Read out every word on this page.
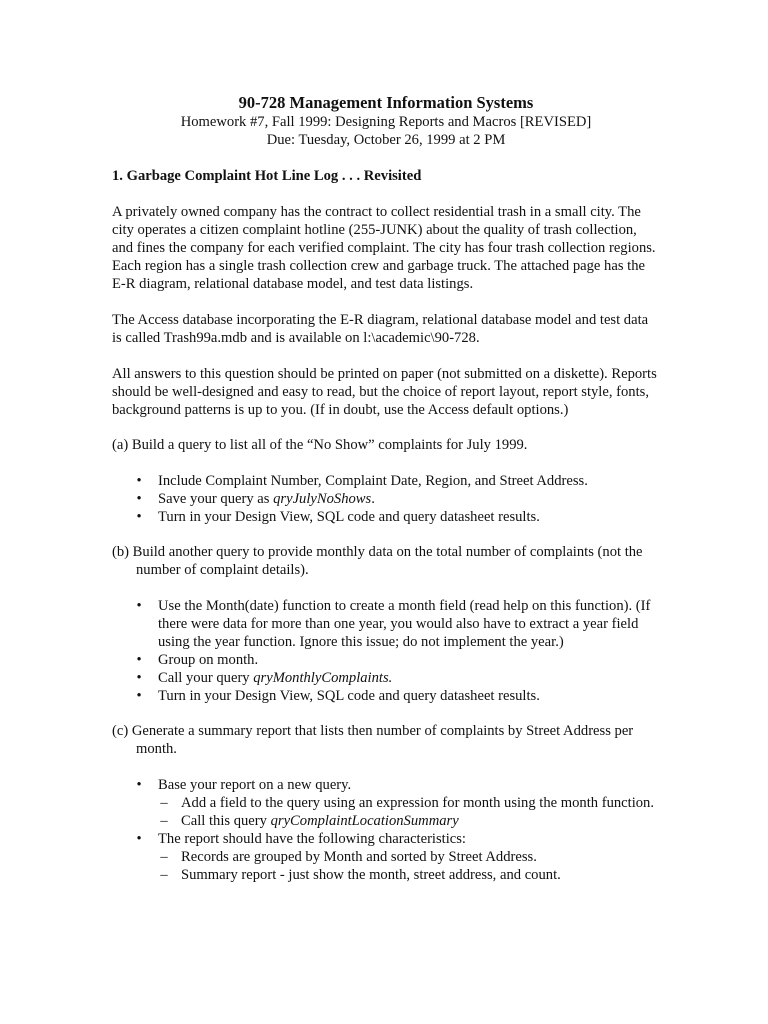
90-728 Management Information Systems
Homework #7, Fall 1999: Designing Reports and Macros [REVISED]
Due: Tuesday, October 26, 1999 at 2 PM
1. Garbage Complaint Hot Line Log . . . Revisited

A privately owned company has the contract to collect residential trash in a small city. The city operates a citizen complaint hotline (255-JUNK) about the quality of trash collection, and fines the company for each verified complaint. The city has four trash collection regions. Each region has a single trash collection crew and garbage truck. The attached page has the E-R diagram, relational database model, and test data listings.

The Access database incorporating the E-R diagram, relational database model and test data is called Trash99a.mdb and is available on l:\academic\90-728.

All answers to this question should be printed on paper (not submitted on a diskette). Reports should be well-designed and easy to read, but the choice of report layout, report style, fonts, background patterns is up to you. (If in doubt, use the Access default options.)

(a) Build a query to list all of the “No Show” complaints for July 1999.

• Include Complaint Number, Complaint Date, Region, and Street Address.
• Save your query as qryJulyNoShows.
• Turn in your Design View, SQL code and query datasheet results.

(b) Build another query to provide monthly data on the total number of complaints (not the number of complaint details).

• Use the Month(date) function to create a month field (read help on this function). (If there were data for more than one year, you would also have to extract a year field using the year function. Ignore this issue; do not implement the year.)
• Group on month.
• Call your query qryMonthlyComplaints.
• Turn in your Design View, SQL code and query datasheet results.

(c) Generate a summary report that lists then number of complaints by Street Address per month.

• Base your report on a new query.
– Add a field to the query using an expression for month using the month function.
– Call this query qryComplaintLocationSummary
• The report should have the following characteristics:
– Records are grouped by Month and sorted by Street Address.
– Summary report - just show the month, street address, and count.
